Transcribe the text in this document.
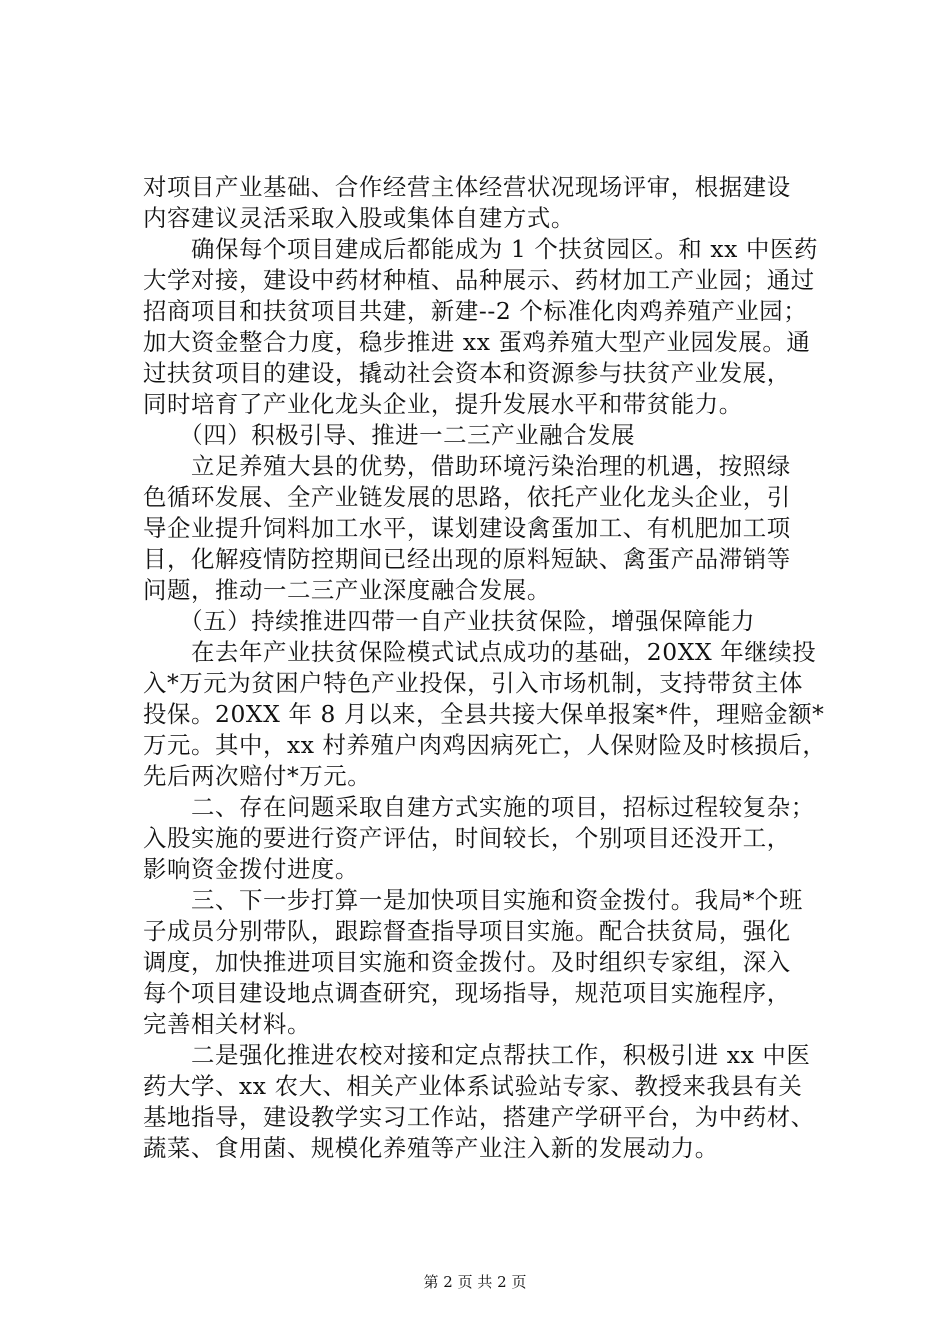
对项目产业基础、合作经营主体经营状况现场评审，根据建设
内容建议灵活采取入股或集体自建方式。
　　确保每个项目建成后都能成为 1 个扶贫园区。和 xx 中医药
大学对接，建设中药材种植、品种展示、药材加工产业园；通过
招商项目和扶贫项目共建，新建--2 个标准化肉鸡养殖产业园；
加大资金整合力度，稳步推进 xx 蛋鸡养殖大型产业园发展。通
过扶贫项目的建设，撬动社会资本和资源参与扶贫产业发展，
同时培育了产业化龙头企业，提升发展水平和带贫能力。
　　（四）积极引导、推进一二三产业融合发展
　　立足养殖大县的优势，借助环境污染治理的机遇，按照绿
色循环发展、全产业链发展的思路，依托产业化龙头企业，引
导企业提升饲料加工水平，谋划建设禽蛋加工、有机肥加工项
目，化解疫情防控期间已经出现的原料短缺、禽蛋产品滞销等
问题，推动一二三产业深度融合发展。
　　（五）持续推进四带一自产业扶贫保险，增强保障能力
　　在去年产业扶贫保险模式试点成功的基础，20XX 年继续投
入*万元为贫困户特色产业投保，引入市场机制，支持带贫主体
投保。20XX 年 8 月以来，全县共接大保单报案*件，理赔金额*
万元。其中，xx 村养殖户肉鸡因病死亡，人保财险及时核损后，
先后两次赔付*万元。
　　二、存在问题采取自建方式实施的项目，招标过程较复杂；
入股实施的要进行资产评估，时间较长，个别项目还没开工，
影响资金拨付进度。
　　三、下一步打算一是加快项目实施和资金拨付。我局*个班
子成员分别带队，跟踪督查指导项目实施。配合扶贫局，强化
调度，加快推进项目实施和资金拨付。及时组织专家组，深入
每个项目建设地点调查研究，现场指导，规范项目实施程序，
完善相关材料。
　　二是强化推进农校对接和定点帮扶工作，积极引进 xx 中医
药大学、xx 农大、相关产业体系试验站专家、教授来我县有关
基地指导，建设教学实习工作站，搭建产学研平台，为中药材、
蔬菜、食用菌、规模化养殖等产业注入新的发展动力。
第 2 页 共 2 页
